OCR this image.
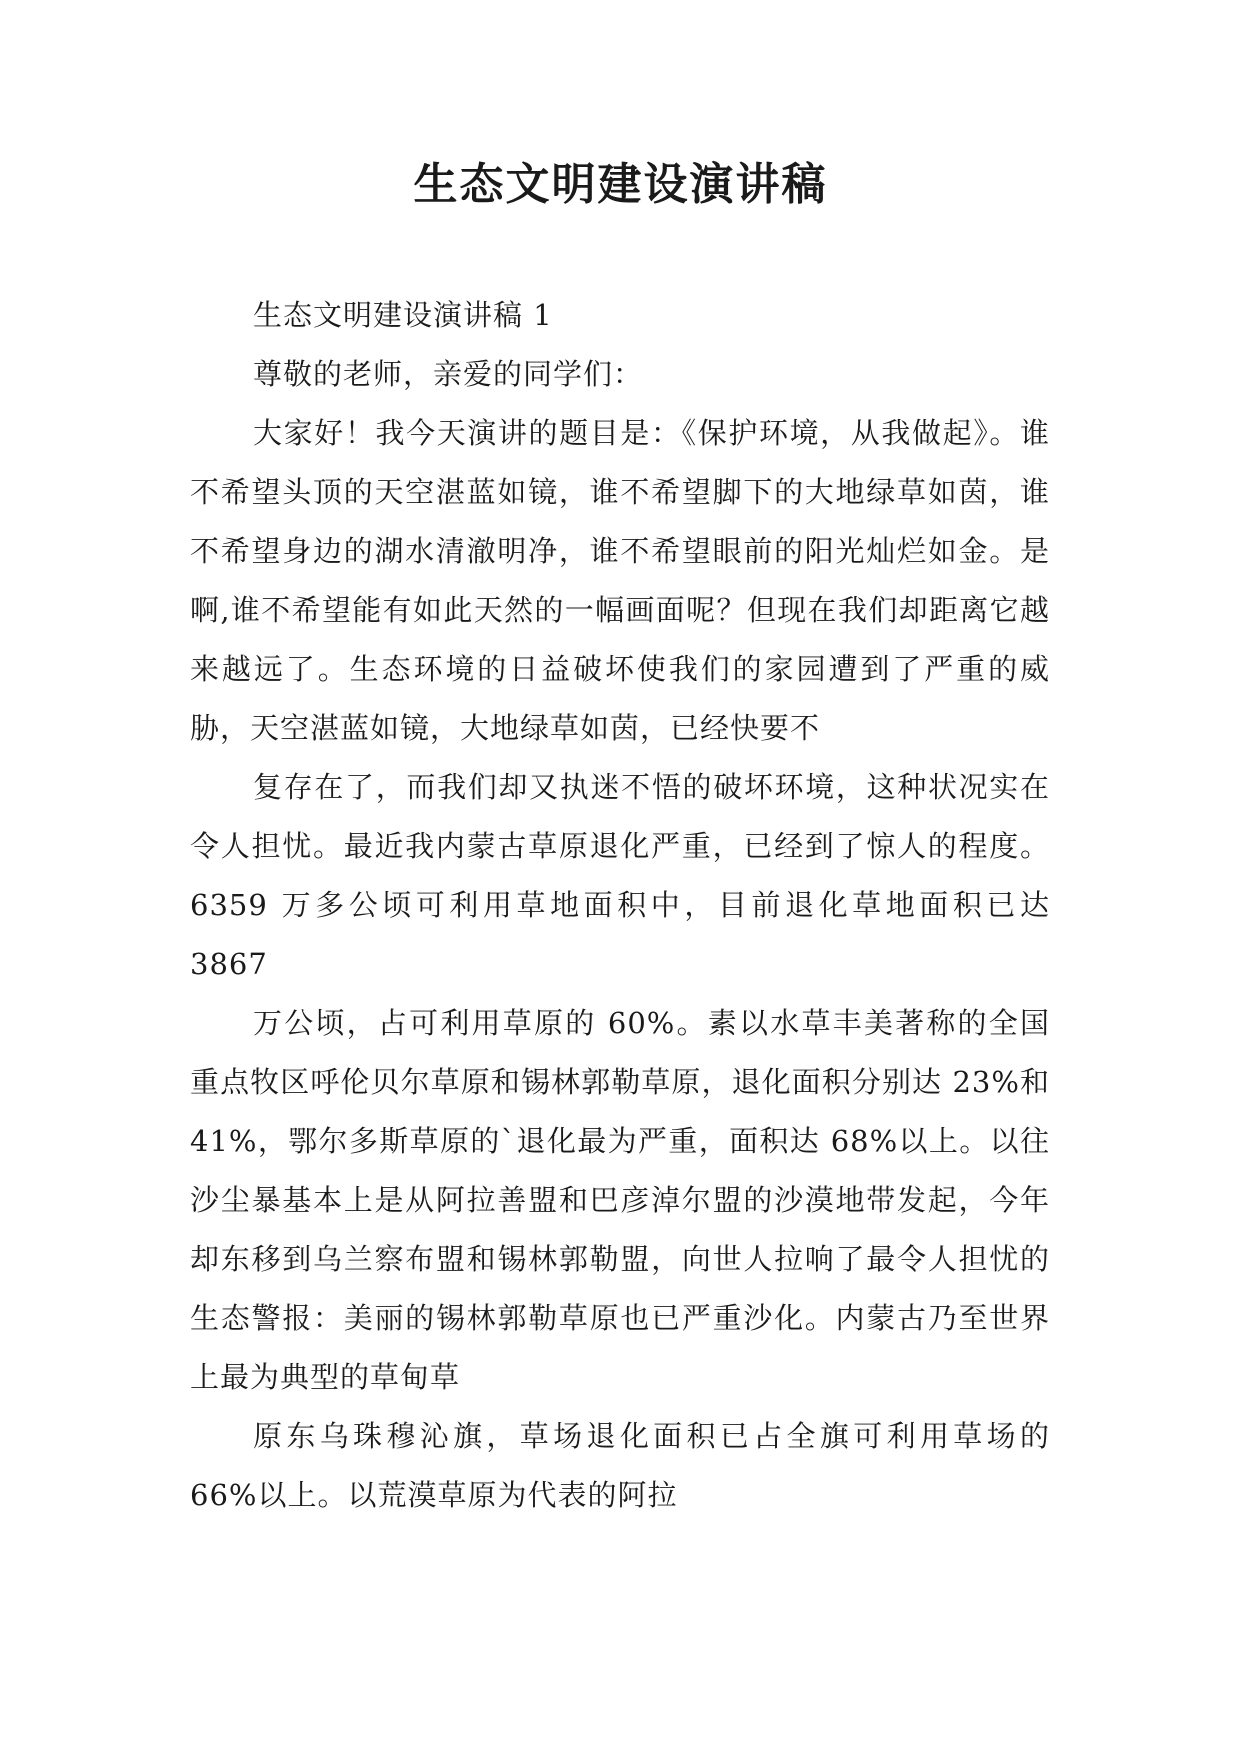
生态文明建设演讲稿

生态文明建设演讲稿 1

尊敬的老师，亲爱的同学们：

大家好！我今天演讲的题目是：《保护环境，从我做起》。谁不希望头顶的天空湛蓝如镜，谁不希望脚下的大地绿草如茵，谁不希望身边的湖水清澈明净，谁不希望眼前的阳光灿烂如金。是啊,谁不希望能有如此天然的一幅画面呢？但现在我们却距离它越来越远了。生态环境的日益破坏使我们的家园遭到了严重的威胁，天空湛蓝如镜，大地绿草如茵，已经快要不

复存在了，而我们却又执迷不悟的破坏环境，这种状况实在令人担忧。最近我内蒙古草原退化严重，已经到了惊人的程度。6359 万多公顷可利用草地面积中，目前退化草地面积已达 3867

万公顷，占可利用草原的 60%。素以水草丰美著称的全国重点牧区呼伦贝尔草原和锡林郭勒草原，退化面积分别达 23%和 41%，鄂尔多斯草原的`退化最为严重，面积达 68%以上。以往沙尘暴基本上是从阿拉善盟和巴彦淖尔盟的沙漠地带发起，今年却东移到乌兰察布盟和锡林郭勒盟，向世人拉响了最令人担忧的生态警报：美丽的锡林郭勒草原也已严重沙化。内蒙古乃至世界上最为典型的草甸草

原东乌珠穆沁旗，草场退化面积已占全旗可利用草场的 66%以上。以荒漠草原为代表的阿拉
